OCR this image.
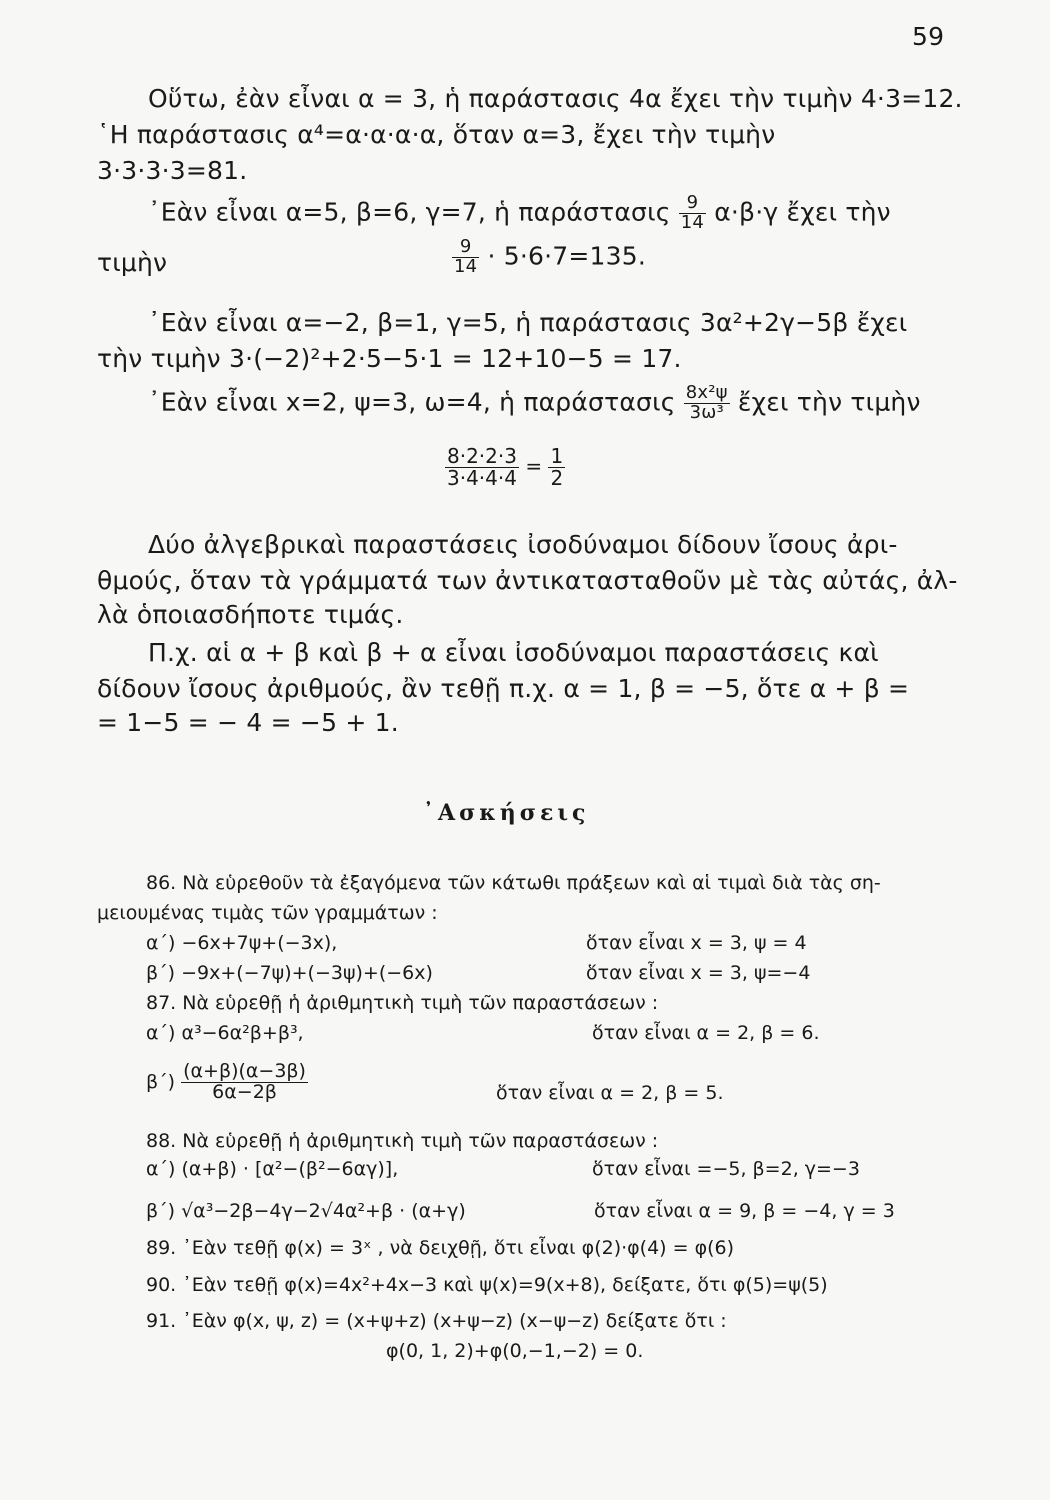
59
Οὕτω, ἐὰν εἶναι α = 3, ἡ παράστασις 4α ἔχει τὴν τιμὴν 4·3=12.
῾Η παράστασις α⁴=α·α·α·α, ὅταν α=3, ἔχει τὴν τιμὴν
3·3·3·3=81.
᾿Εὰν εἶναι α=5, β=6, γ=7, ἡ παράστασις $\frac{9}{14} \alpha\cdot\beta\cdot\gamma$ ἔχει τὴν
τιμὴν	$\frac{9}{14} \cdot 5\cdot 6\cdot 7=135$.
᾿Εὰν εἶναι α=−2, β=1, γ=5, ἡ παράστασις 3α²+2γ−5β ἔχει
τὴν τιμὴν 3·(−2)²+2·5−5·1 = 12+10−5 = 17.
᾿Εὰν εἶναι x=2, ψ=3, ω=4, ἡ παράστασις $\frac{\text{8x²ψ}}{\text{3ω³}}$ ἔχει τὴν τιμὴν
$\frac{8\cdot 2\cdot 2\cdot 3}{3\cdot 4\cdot 4\cdot 4} = \frac{1}{2}$
Δύο ἀλγεβρικαὶ παραστάσεις ἰσοδύναμοι δίδουν ἴσους ἀρι-
θμούς, ὅταν τὰ γράμματά των ἀντικατασταθοῦν μὲ τὰς αὐτάς, ἀλ-
λὰ ὁποιασδήποτε τιμάς.
Π.χ. αἱ α + β καὶ β + α εἶναι ἰσοδύναμοι παραστάσεις καὶ
δίδουν ἴσους ἀριθμούς, ἂν τεθῇ π.χ. α = 1, β = −5, ὅτε α + β =
= 1−5 = − 4 = −5 + 1.
᾿Ασκήσεις
86. Νὰ εὑρεθοῦν τὰ ἐξαγόμενα τῶν κάτωθι πράξεων καὶ αἱ τιμαὶ διὰ τὰς ση-
μειουμένας τιμὰς τῶν γραμμάτων :
α΄) −6x+7ψ+(−3x),	ὅταν εἶναι x = 3, ψ = 4
β΄) −9x+(−7ψ)+(−3ψ)+(−6x)	ὅταν εἶναι x = 3, ψ=−4
87. Νὰ εὑρεθῇ ἡ ἀριθμητικὴ τιμὴ τῶν παραστάσεων :
α΄) α³−6α²β+β³,	ὅταν εἶναι α = 2, β = 6.
$\beta΄) \frac{(\alpha+\beta)(\alpha-3\beta)}{6\alpha-2\beta}$	ὅταν εἶναι α = 2, β = 5.
88. Νὰ εὑρεθῇ ἡ ἀριθμητικὴ τιμὴ τῶν παραστάσεων :
α΄) (α+β) · [α²−(β²−6αγ)],	ὅταν εἶναι =−5, β=2, γ=−3
β΄) √α³−2β−4γ−2√4α²+β · (α+γ)	ὅταν εἶναι α = 9, β = −4, γ = 3
89. ᾿Εὰν τεθῇ φ(x) = 3ˣ , νὰ δειχθῇ, ὅτι εἶναι φ(2)·φ(4) = φ(6)
90. ᾿Εὰν τεθῇ φ(x)=4x²+4x−3 καὶ ψ(x)=9(x+8), δείξατε, ὅτι φ(5)=ψ(5)
91. ᾿Εὰν φ(x, ψ, z) = (x+ψ+z) (x+ψ−z) (x−ψ−z) δείξατε ὅτι :
φ(0, 1, 2)+φ(0,−1,−2) = 0.
